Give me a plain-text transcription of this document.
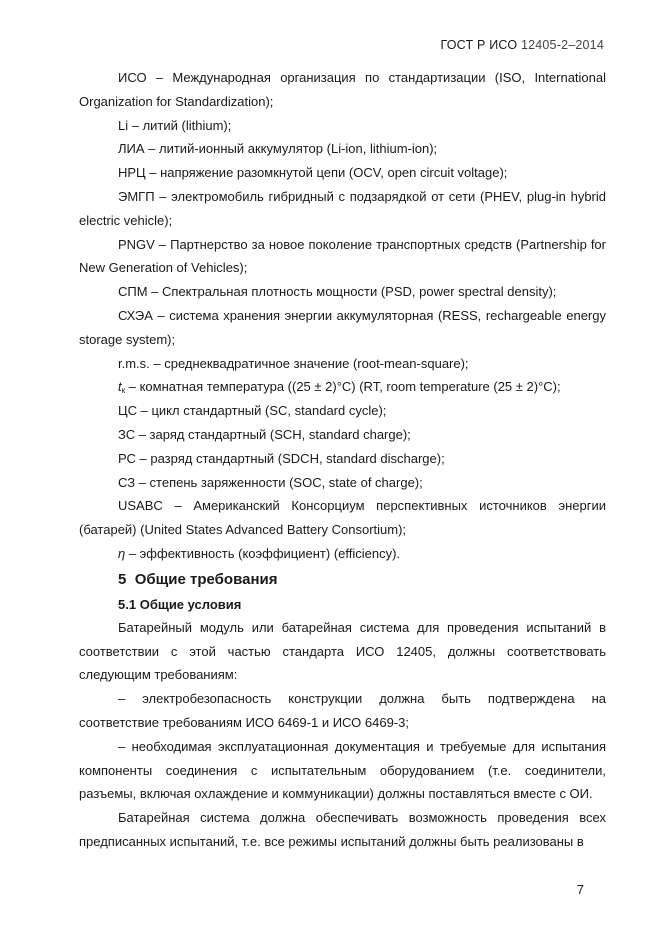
ГОСТ Р ИСО 12405-2–2014

ИСО – Международная организация по стандартизации (ISO, International Organization for Standardization);

Li – литий (lithium);

ЛИА – литий-ионный аккумулятор (Li-ion, lithium-ion);

НРЦ – напряжение разомкнутой цепи (OCV, open circuit voltage);

ЭМГП – электромобиль гибридный с подзарядкой от сети (PHEV, plug-in hybrid electric vehicle);

PNGV – Партнерство за новое поколение транспортных средств (Partnership for New Generation of Vehicles);

СПМ – Спектральная плотность мощности (PSD, power spectral density);

СХЭА – система хранения энергии аккумуляторная (RESS, rechargeable energy storage system);

r.m.s. – среднеквадратичное значение (root-mean-square);

$t_к$ – комнатная температура ((25 ± 2)°С) (RT, room temperature (25 ± 2)°С);

ЦС – цикл стандартный (SC, standard cycle);

ЗС – заряд стандартный (SCH, standard charge);

РС – разряд стандартный (SDCH, standard discharge);

СЗ – степень заряженности (SOC, state of charge);

USABC – Американский Консорциум перспективных источников энергии (батарей) (United States Advanced Battery Consortium);

η – эффективность (коэффициент) (efficiency).

5 Общие требования
5.1 Общие условия

Батарейный модуль или батарейная система для проведения испытаний в соответствии с этой частью стандарта ИСО 12405, должны соответствовать следующим требованиям:

– электробезопасность конструкции должна быть подтверждена на соответствие требованиям ИСО 6469-1 и ИСО 6469-3;

– необходимая эксплуатационная документация и требуемые для испытания компоненты соединения с испытательным оборудованием (т.е. соединители, разъемы, включая охлаждение и коммуникации) должны поставляться вместе с ОИ.

Батарейная система должна обеспечивать возможность проведения всех предписанных испытаний, т.е. все режимы испытаний должны быть реализованы в

7
